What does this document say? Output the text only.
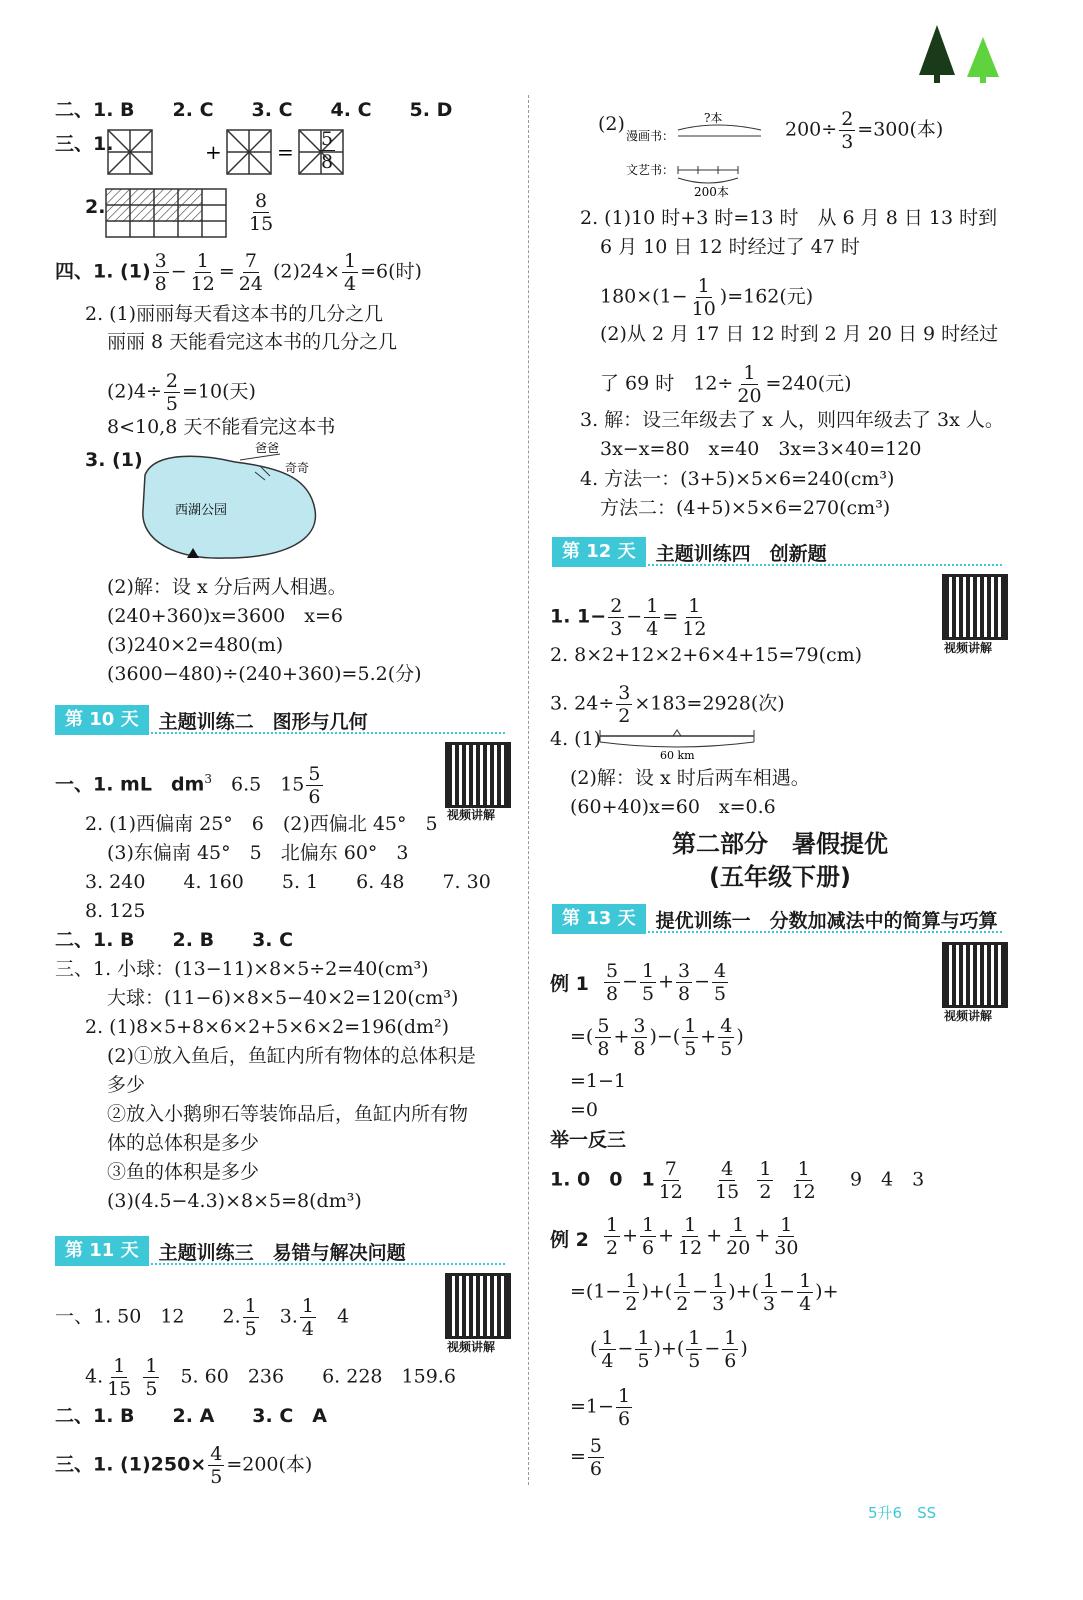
二、1. B　　2. C　　3. C　　4. C　　5. D
三、1.	+	= $\frac{5}{8}$
2.	$\frac{8}{15}$
四、1. $(1) \frac{3}{8} - \frac{1}{12} = \frac{7}{24} (2)24\times \frac{1}{4} =6$(时)
2. (1)丽丽每天看这本书的几分之几
丽丽 8 天能看完这本书的几分之几
$(2)4\div \frac{2}{5} =10$(天)
8<10,8 天不能看完这本书
3. (1)
爸爸
奇奇
西湖公园
(2)解：设 x 分后两人相遇。
(240+360)x=3600　x=6
(3)240×2=480(m)
(3600−480)÷(240+360)=5.2(分)
第 10 天	主题训练二　图形与几何
视频讲解
一、1. mL　$dm^3$　6.5　$15 \frac{5}{6}$
2. (1)西偏南 25°　6　(2)西偏北 45°　5
(3)东偏南 45°　5　北偏东 60°　3
3. 240　　4. 160　　5. 1　　6. 48　　7. 30
8. 125
二、1. B　　2. B　　3. C
三、1. 小球：(13−11)×8×5÷2=40(cm³)
大球：(11−6)×8×5−40×2=120(cm³)
2. (1)8×5+8×6×2+5×6×2=196(dm²)
(2)①放入鱼后，鱼缸内所有物体的总体积是
多少
②放入小鹅卵石等装饰品后，鱼缸内所有物
体的总体积是多少
③鱼的体积是多少
(3)(4.5−4.3)×8×5=8(dm³)
第 11 天	主题训练三　易错与解决问题
视频讲解
一、1. 50　12　　2. $\frac{1}{5}$ 　3. $\frac{1}{4}$ 　4
4. $\frac{1}{15}$
$\frac{1}{5}$ 　5. 60　236　　6. 228　159.6
二、1. B　　2. A　　3. C　A
三、1. $(1)250\times \frac{4}{5} =200$(本)
(2)
漫画书：
文艺书：
?本
200本
$200\div \frac{2}{3} =300$(本)
2. (1)10 时+3 时=13 时　从 6 月 8 日 13 时到
6 月 10 日 12 时经过了 47 时
$180\times(1- \frac{1}{10} )=162$(元)
(2)从 2 月 17 日 12 时到 2 月 20 日 9 时经过
了 69 时　$12\div \frac{1}{20} =240$(元)
3. 解：设三年级去了 x 人，则四年级去了 3x 人。
3x−x=80　x=40　3x=3×40=120
4. 方法一：(3+5)×5×6=240(cm³)
方法二：(4+5)×5×6=270(cm³)
第 12 天	主题训练四　创新题
视频讲解
1. $1- \frac{2}{3} - \frac{1}{4} = \frac{1}{12}$
2. 8×2+12×2+6×4+15=79(cm)
3. $24\div \frac{3}{2} \times 183=2928$(次)
4. (1)
60 km
(2)解：设 x 时后两车相遇。
(60+40)x=60　x=0.6
第二部分　暑假提优
(五年级下册)
第 13 天	提优训练一　分数加减法中的简算与巧算
视频讲解
例 $1 \frac{5}{8} - \frac{1}{5} + \frac{3}{8} - \frac{4}{5}$
=( $\frac{5}{8} + \frac{3}{8}$ )−( $\frac{1}{5} + \frac{4}{5}$ )
=1−1
=0
举一反三
1. 0　0　$1 \frac{7}{12}$
$\frac{4}{15}$
$\frac{1}{2}$
$\frac{1}{12} 9$　4　3
例 $2 \frac{1}{2} + \frac{1}{6} + \frac{1}{12} + \frac{1}{20} + \frac{1}{30}$
$=(1- \frac{1}{2}$ )+( $\frac{1}{2} - \frac{1}{3}$ )+( $\frac{1}{3} - \frac{1}{4}$ )+
( $\frac{1}{4} - \frac{1}{5}$ )+( $\frac{1}{5} - \frac{1}{6}$ )
$=1- \frac{1}{6}$
= $\frac{5}{6}$
5升6　SS
